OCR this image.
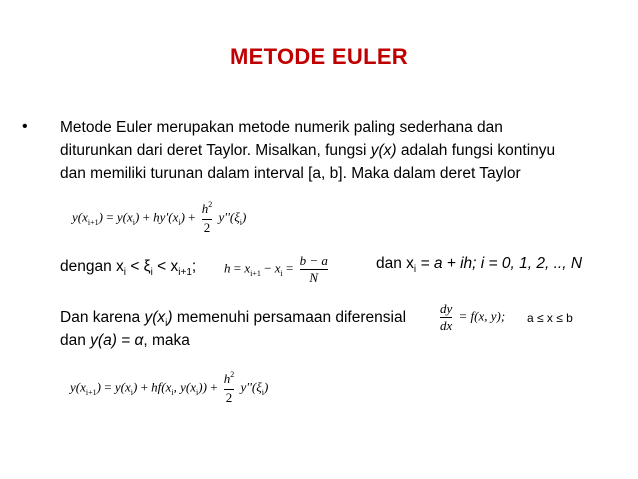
METODE EULER
• Metode Euler merupakan metode numerik paling sederhana dan
diturunkan dari deret Taylor. Misalkan, fungsi y(x) adalah fungsi kontinyu
dan memiliki turunan dalam interval [a, b]. Maka dalam deret Taylor
$y(x_{i+1}) = y(x_i) + hy'(x_i) + \frac{h^2}{2} y''(\xi_i)$
dengan $x_i < \xi_i < x_{i+1}$; $h = x_{i+1} - x_i = \frac{b - a}{N}$	dan $x_i = a$ + ih; i = 0, 1, 2, .., N
Dan karena $y(x_i)$ memenuhi persamaan diferensial	$\frac{dy}{dx} = f(x$, y); a ≤ x ≤ b
dan y(a) = α, maka
$y(x_{i+1}) = y(x_i) + hf(x_i$, $y(x_i)) + \frac{h^2}{2} y''(\xi_i)$
